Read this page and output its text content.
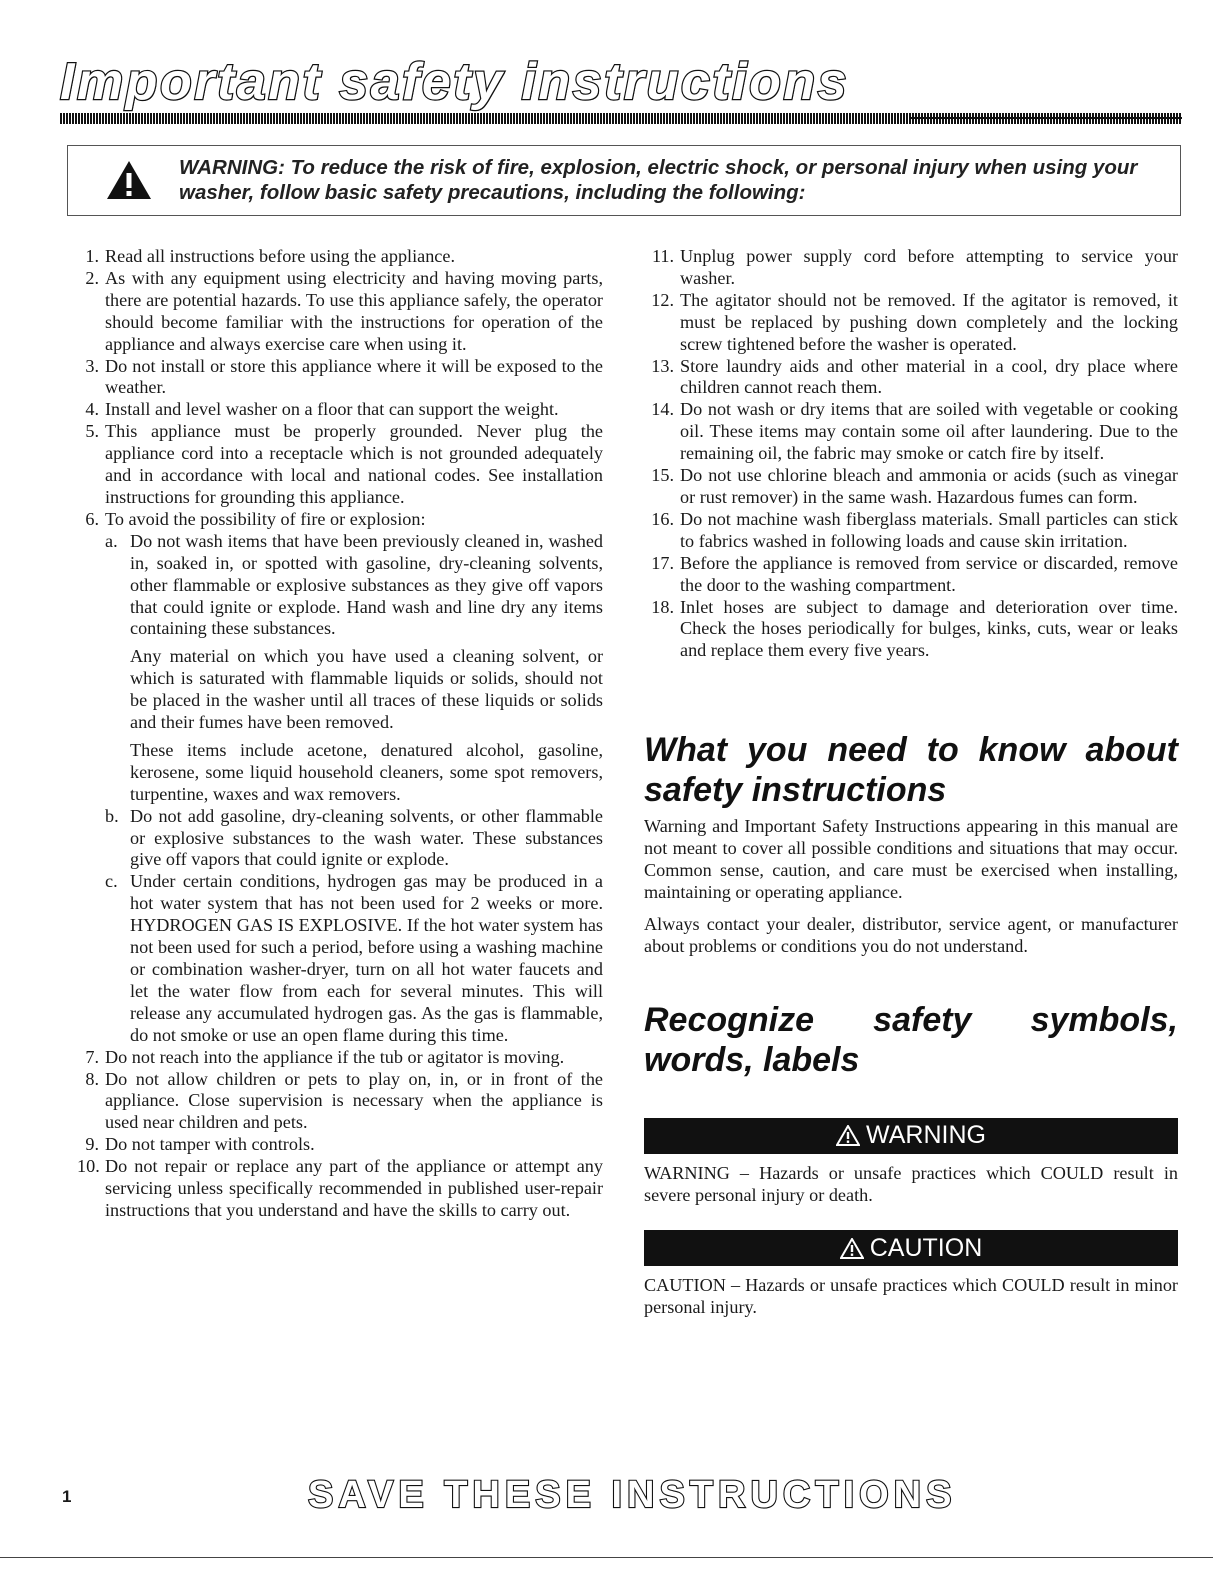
Important safety instructions
WARNING: To reduce the risk of fire, explosion, electric shock, or personal injury when using your washer, follow basic safety precautions, including the following:
1. Read all instructions before using the appliance.
2. As with any equipment using electricity and having moving parts, there are potential hazards. To use this appliance safely, the operator should become familiar with the instructions for operation of the appliance and always exercise care when using it.
3. Do not install or store this appliance where it will be exposed to the weather.
4. Install and level washer on a floor that can support the weight.
5. This appliance must be properly grounded. Never plug the appliance cord into a receptacle which is not grounded adequately and in accordance with local and national codes. See installation instructions for grounding this appliance.
6. To avoid the possibility of fire or explosion:
a. Do not wash items that have been previously cleaned in, washed in, soaked in, or spotted with gasoline, dry-cleaning solvents, other flammable or explosive substances as they give off vapors that could ignite or explode. Hand wash and line dry any items containing these substances.

Any material on which you have used a cleaning solvent, or which is saturated with flammable liquids or solids, should not be placed in the washer until all traces of these liquids or solids and their fumes have been removed.

These items include acetone, denatured alcohol, gasoline, kerosene, some liquid household cleaners, some spot removers, turpentine, waxes and wax removers.

b. Do not add gasoline, dry-cleaning solvents, or other flammable or explosive substances to the wash water. These substances give off vapors that could ignite or explode.
c. Under certain conditions, hydrogen gas may be produced in a hot water system that has not been used for 2 weeks or more. HYDROGEN GAS IS EXPLOSIVE. If the hot water system has not been used for such a period, before using a washing machine or combination washer-dryer, turn on all hot water faucets and let the water flow from each for several minutes. This will release any accumulated hydrogen gas. As the gas is flammable, do not smoke or use an open flame during this time.
7. Do not reach into the appliance if the tub or agitator is moving.
8. Do not allow children or pets to play on, in, or in front of the appliance. Close supervision is necessary when the appliance is used near children and pets.
9. Do not tamper with controls.
10. Do not repair or replace any part of the appliance or attempt any servicing unless specifically recommended in published user-repair instructions that you understand and have the skills to carry out.
11. Unplug power supply cord before attempting to service your washer.
12. The agitator should not be removed. If the agitator is removed, it must be replaced by pushing down completely and the locking screw tightened before the washer is operated.
13. Store laundry aids and other material in a cool, dry place where children cannot reach them.
14. Do not wash or dry items that are soiled with vegetable or cooking oil. These items may contain some oil after laundering. Due to the remaining oil, the fabric may smoke or catch fire by itself.
15. Do not use chlorine bleach and ammonia or acids (such as vinegar or rust remover) in the same wash. Hazardous fumes can form.
16. Do not machine wash fiberglass materials. Small particles can stick to fabrics washed in following loads and cause skin irritation.
17. Before the appliance is removed from service or discarded, remove the door to the washing compartment.
18. Inlet hoses are subject to damage and deterioration over time. Check the hoses periodically for bulges, kinks, cuts, wear or leaks and replace them every five years.
What you need to know about safety instructions

Warning and Important Safety Instructions appearing in this manual are not meant to cover all possible conditions and situations that may occur. Common sense, caution, and care must be exercised when installing, maintaining or operating appliance.

Always contact your dealer, distributor, service agent, or manufacturer about problems or conditions you do not understand.

Recognize safety symbols, words, labels
WARNING

WARNING – Hazards or unsafe practices which COULD result in severe personal injury or death.

CAUTION

CAUTION – Hazards or unsafe practices which COULD result in minor personal injury.

1	SAVE THESE INSTRUCTIONS
